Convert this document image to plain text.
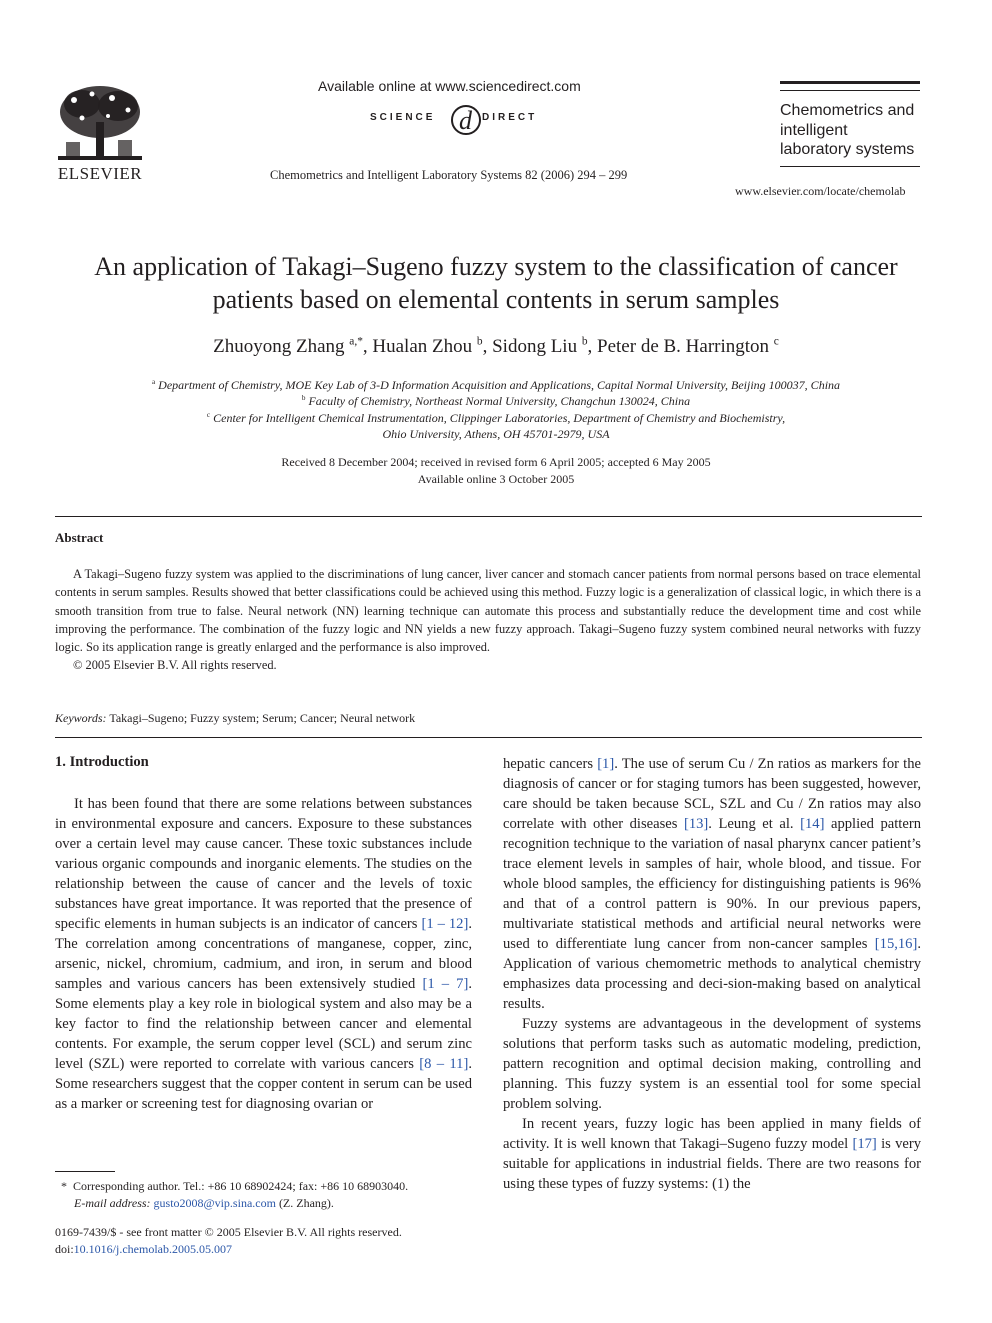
ELSEVIER
Available online at www.sciencedirect.com
SCIENCE d DIRECT
Chemometrics and Intelligent Laboratory Systems 82 (2006) 294 – 299
Chemometrics and
intelligent
laboratory systems
www.elsevier.com/locate/chemolab
An application of Takagi–Sugeno fuzzy system to the classification of cancer
patients based on elemental contents in serum samples
Zhuoyong Zhang $^{a,*}$, Hualan Zhou $^b$, Sidong Liu $^b$, Peter de B. Harrington $^c$
$^a$ Department of Chemistry, MOE Key Lab of 3-D Information Acquisition and Applications, Capital Normal University, Beijing 100037, China
$^b$ Faculty of Chemistry, Northeast Normal University, Changchun 130024, China
$^c$ Center for Intelligent Chemical Instrumentation, Clippinger Laboratories, Department of Chemistry and Biochemistry,
Ohio University, Athens, OH 45701-2979, USA
Received 8 December 2004; received in revised form 6 April 2005; accepted 6 May 2005
Available online 3 October 2005
Abstract

A Takagi–Sugeno fuzzy system was applied to the discriminations of lung cancer, liver cancer and stomach cancer patients from normal persons based on trace elemental contents in serum samples. Results showed that better classifications could be achieved using this method. Fuzzy logic is a generalization of classical logic, in which there is a smooth transition from true to false. Neural network (NN) learning technique can automate this process and substantially reduce the development time and cost while improving the performance. The combination of the fuzzy logic and NN yields a new fuzzy approach. Takagi–Sugeno fuzzy system combined neural networks with fuzzy logic. So its application range is greatly enlarged and the performance is also improved.

© 2005 Elsevier B.V. All rights reserved.

Keywords: Takagi–Sugeno; Fuzzy system; Serum; Cancer; Neural network
1. Introduction

It has been found that there are some relations between substances in environmental exposure and cancers. Exposure to these substances over a certain level may cause cancer. These toxic substances include various organic compounds and inorganic elements. The studies on the relationship between the cause of cancer and the levels of toxic substances have great importance. It was reported that the presence of specific elements in human subjects is an indicator of cancers [1 – 12]. The correlation among concentrations of manganese, copper, zinc, arsenic, nickel, chromium, cadmium, and iron, in serum and blood samples and various cancers has been extensively studied [1 – 7]. Some elements play a key role in biological system and also may be a key factor to find the relationship between cancer and elemental contents. For example, the serum copper level (SCL) and serum zinc level (SZL) were reported to correlate with various cancers [8 – 11]. Some researchers suggest that the copper content in serum can be used as a marker or screening test for diagnosing ovarian or

hepatic cancers [1]. The use of serum Cu / Zn ratios as markers for the diagnosis of cancer or for staging tumors has been suggested, however, care should be taken because SCL, SZL and Cu / Zn ratios may also correlate with other diseases [13]. Leung et al. [14] applied pattern recognition technique to the variation of nasal pharynx cancer patient’s trace element levels in samples of hair, whole blood, and tissue. For whole blood samples, the efficiency for distinguishing patients is 96% and that of a control pattern is 90%. In our previous papers, multivariate statistical methods and artificial neural networks were used to differentiate lung cancer from non-cancer samples [15,16]. Application of various chemometric methods to analytical chemistry emphasizes data processing and deci-sion-making based on analytical results.

Fuzzy systems are advantageous in the development of systems solutions that perform tasks such as automatic modeling, prediction, pattern recognition and optimal decision making, controlling and planning. This fuzzy system is an essential tool for some special problem solving.

In recent years, fuzzy logic has been applied in many fields of activity. It is well known that Takagi–Sugeno fuzzy model [17] is very suitable for applications in industrial fields. There are two reasons for using these types of fuzzy systems: (1) the

* Corresponding author. Tel.: +86 10 68902424; fax: +86 10 68903040.
E-mail address: gusto2008@vip.sina.com (Z. Zhang).
0169-7439/$ - see front matter © 2005 Elsevier B.V. All rights reserved.
doi:10.1016/j.chemolab.2005.05.007
